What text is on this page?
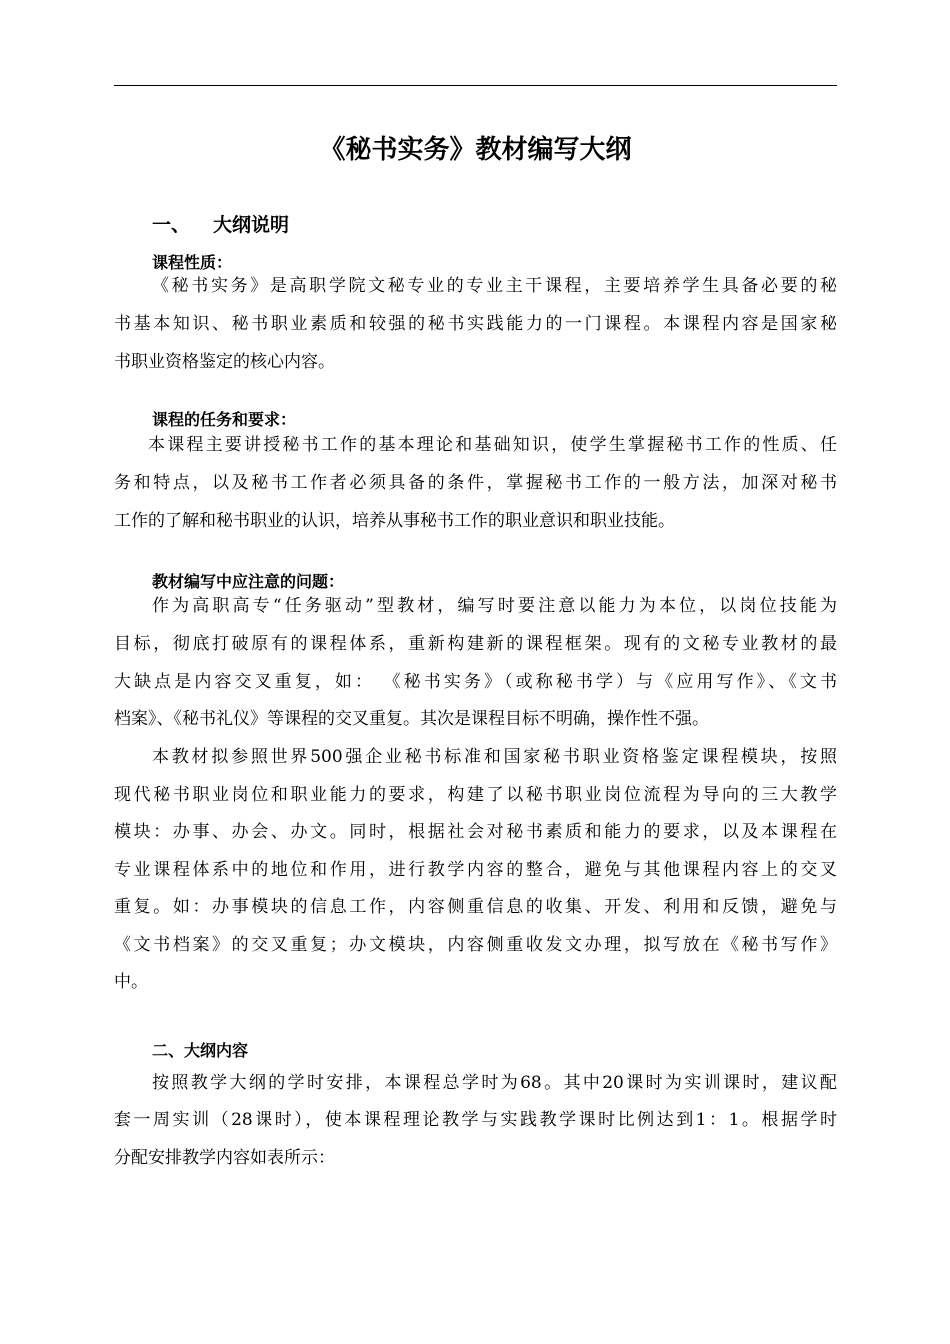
《秘书实务》教材编写大纲
一、 大纲说明
课程性质：
《秘书实务》是高职学院文秘专业的专业主干课程，主要培养学生具备必要的秘
书基本知识、秘书职业素质和较强的秘书实践能力的一门课程。本课程内容是国家秘
书职业资格鉴定的核心内容。
课程的任务和要求：
本课程主要讲授秘书工作的基本理论和基础知识，使学生掌握秘书工作的性质、任
务和特点，以及秘书工作者必须具备的条件，掌握秘书工作的一般方法，加深对秘书
工作的了解和秘书职业的认识，培养从事秘书工作的职业意识和职业技能。
教材编写中应注意的问题：
作为高职高专“任务驱动”型教材，编写时要注意以能力为本位，以岗位技能为
目标，彻底打破原有的课程体系，重新构建新的课程框架。现有的文秘专业教材的最
大缺点是内容交叉重复，如： 《秘书实务》（或称秘书学）与《应用写作》、《文书
档案》、《秘书礼仪》等课程的交叉重复。其次是课程目标不明确，操作性不强。
本教材拟参照世界500强企业秘书标准和国家秘书职业资格鉴定课程模块，按照
现代秘书职业岗位和职业能力的要求，构建了以秘书职业岗位流程为导向的三大教学
模块：办事、办会、办文。同时，根据社会对秘书素质和能力的要求，以及本课程在
专业课程体系中的地位和作用，进行教学内容的整合，避免与其他课程内容上的交叉
重复。如：办事模块的信息工作，内容侧重信息的收集、开发、利用和反馈，避免与
《文书档案》的交叉重复；办文模块，内容侧重收发文办理，拟写放在《秘书写作》
中。
二、大纲内容
按照教学大纲的学时安排，本课程总学时为68。其中20课时为实训课时，建议配
套一周实训（28课时），使本课程理论教学与实践教学课时比例达到1：1。根据学时
分配安排教学内容如表所示：
